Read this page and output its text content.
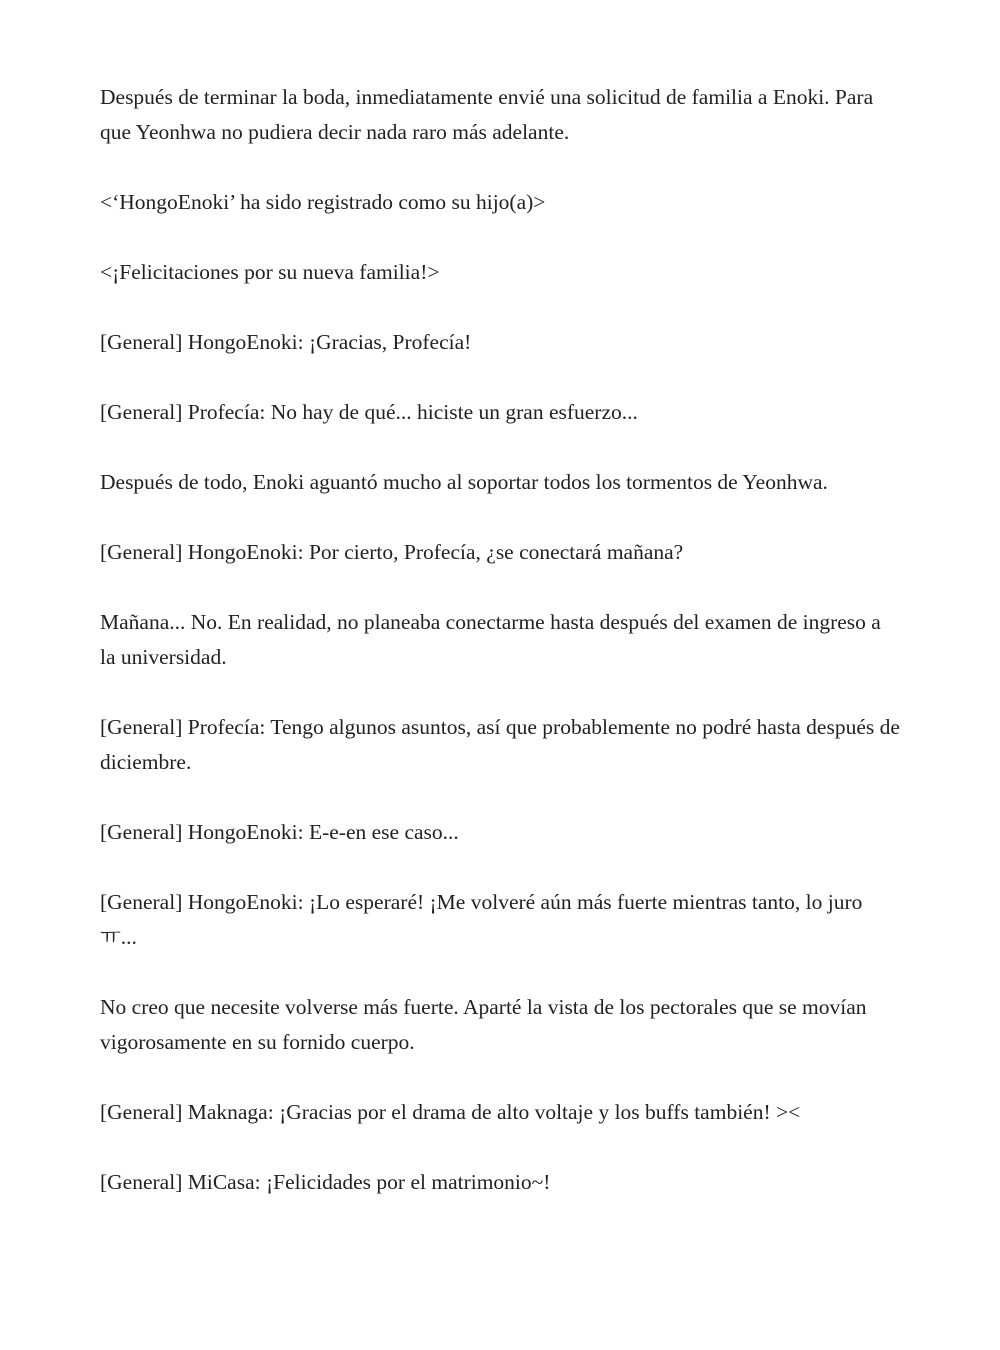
Después de terminar la boda, inmediatamente envié una solicitud de familia a Enoki. Para que Yeonhwa no pudiera decir nada raro más adelante.

<‘HongoEnoki’ ha sido registrado como su hijo(a)>

<¡Felicitaciones por su nueva familia!>

[General] HongoEnoki: ¡Gracias, Profecía!

[General] Profecía: No hay de qué... hiciste un gran esfuerzo...

Después de todo, Enoki aguantó mucho al soportar todos los tormentos de Yeonhwa.

[General] HongoEnoki: Por cierto, Profecía, ¿se conectará mañana?

Mañana... No. En realidad, no planeaba conectarme hasta después del examen de ingreso a la universidad.

[General] Profecía: Tengo algunos asuntos, así que probablemente no podré hasta después de diciembre.

[General] HongoEnoki: E-e-en ese caso...

[General] HongoEnoki: ¡Lo esperaré! ¡Me volveré aún más fuerte mientras tanto, lo juro ㅠ...

No creo que necesite volverse más fuerte. Aparté la vista de los pectorales que se movían vigorosamente en su fornido cuerpo.

[General] Maknaga: ¡Gracias por el drama de alto voltaje y los buffs también! ><

[General] MiCasa: ¡Felicidades por el matrimonio~!
